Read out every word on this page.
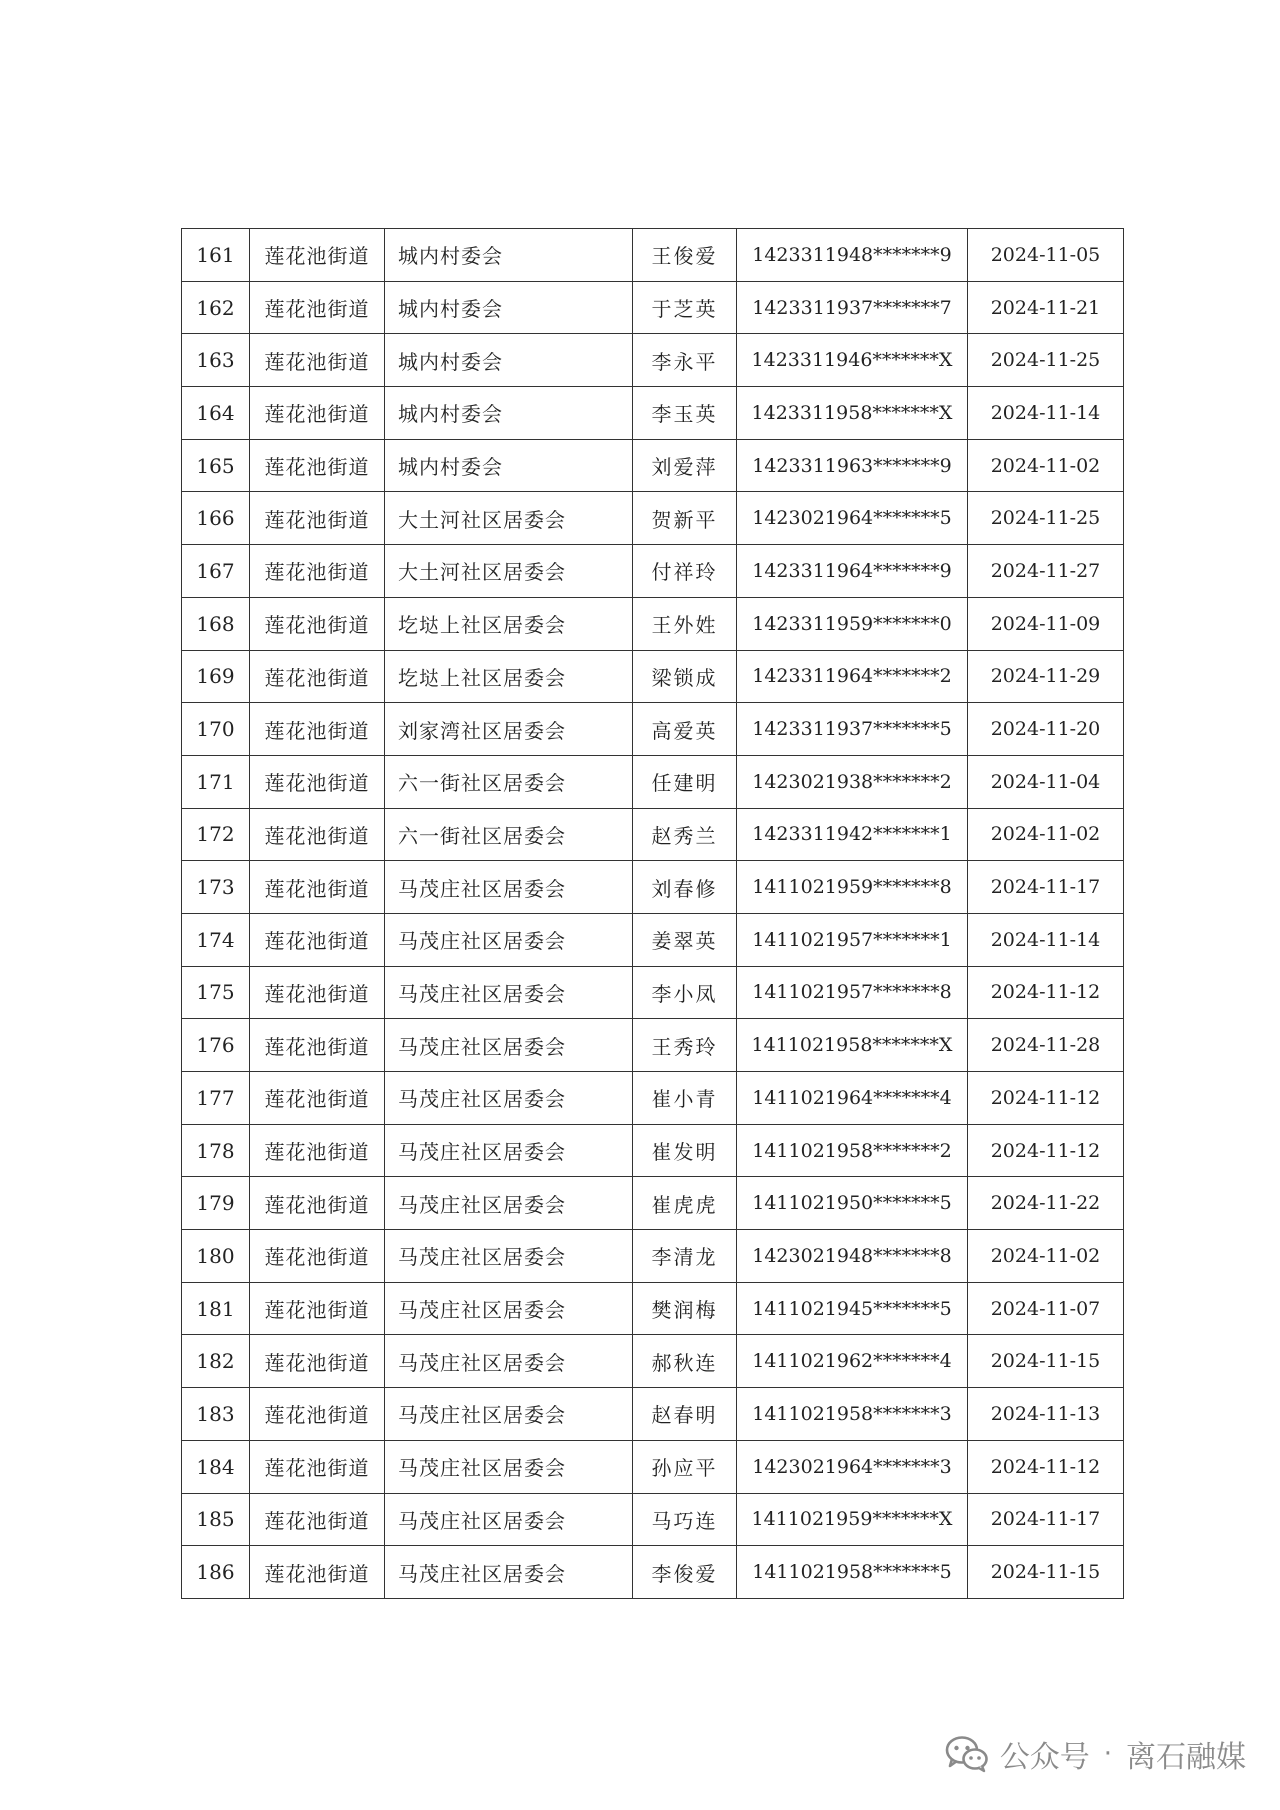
161	莲花池街道	城内村委会	王俊爱	1423311948*******9	2024-11-05
162	莲花池街道	城内村委会	于芝英	1423311937*******7	2024-11-21
163	莲花池街道	城内村委会	李永平	1423311946*******X	2024-11-25
164	莲花池街道	城内村委会	李玉英	1423311958*******X	2024-11-14
165	莲花池街道	城内村委会	刘爱萍	1423311963*******9	2024-11-02
166	莲花池街道	大土河社区居委会	贺新平	1423021964*******5	2024-11-25
167	莲花池街道	大土河社区居委会	付祥玲	1423311964*******9	2024-11-27
168	莲花池街道	圪垯上社区居委会	王外姓	1423311959*******0	2024-11-09
169	莲花池街道	圪垯上社区居委会	梁锁成	1423311964*******2	2024-11-29
170	莲花池街道	刘家湾社区居委会	高爱英	1423311937*******5	2024-11-20
171	莲花池街道	六一街社区居委会	任建明	1423021938*******2	2024-11-04
172	莲花池街道	六一街社区居委会	赵秀兰	1423311942*******1	2024-11-02
173	莲花池街道	马茂庄社区居委会	刘春修	1411021959*******8	2024-11-17
174	莲花池街道	马茂庄社区居委会	姜翠英	1411021957*******1	2024-11-14
175	莲花池街道	马茂庄社区居委会	李小凤	1411021957*******8	2024-11-12
176	莲花池街道	马茂庄社区居委会	王秀玲	1411021958*******X	2024-11-28
177	莲花池街道	马茂庄社区居委会	崔小青	1411021964*******4	2024-11-12
178	莲花池街道	马茂庄社区居委会	崔发明	1411021958*******2	2024-11-12
179	莲花池街道	马茂庄社区居委会	崔虎虎	1411021950*******5	2024-11-22
180	莲花池街道	马茂庄社区居委会	李清龙	1423021948*******8	2024-11-02
181	莲花池街道	马茂庄社区居委会	樊润梅	1411021945*******5	2024-11-07
182	莲花池街道	马茂庄社区居委会	郝秋连	1411021962*******4	2024-11-15
183	莲花池街道	马茂庄社区居委会	赵春明	1411021958*******3	2024-11-13
184	莲花池街道	马茂庄社区居委会	孙应平	1423021964*******3	2024-11-12
185	莲花池街道	马茂庄社区居委会	马巧连	1411021959*******X	2024-11-17
186	莲花池街道	马茂庄社区居委会	李俊爱	1411021958*******5	2024-11-15
公众号 · 离石融媒
